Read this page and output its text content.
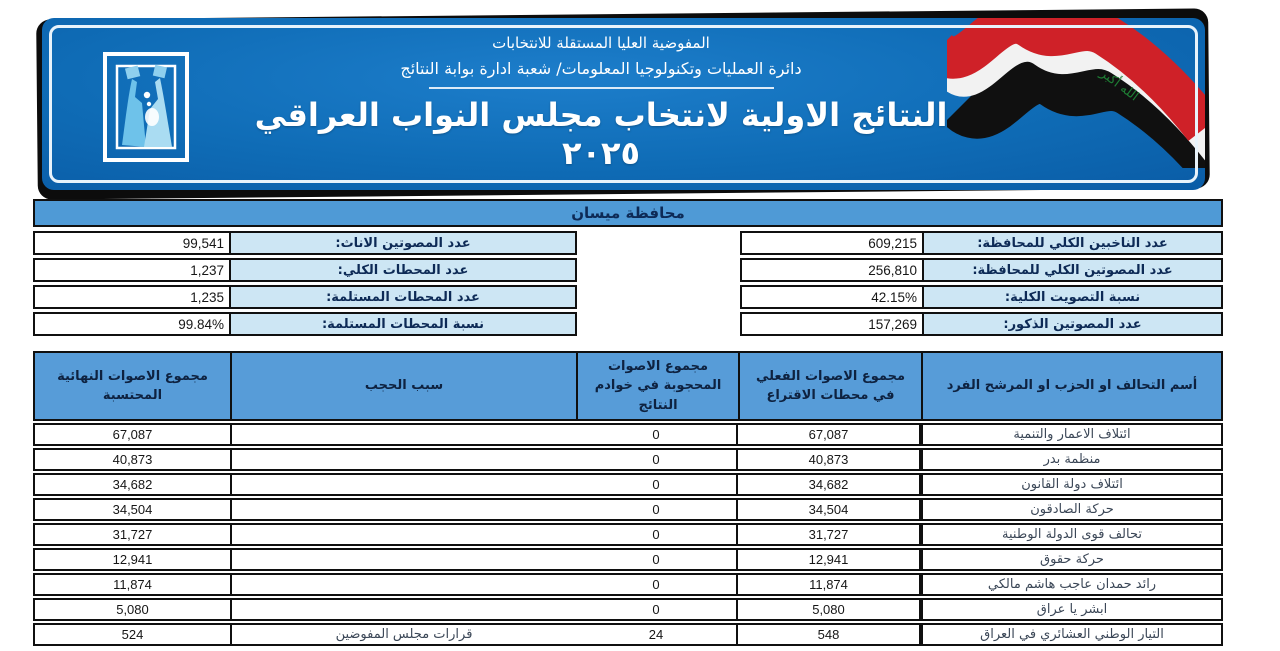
الله أكبر
المفوضية العليا المستقلة للانتخابات
دائرة العمليات وتكنولوجيا المعلومات/ شعبة ادارة بوابة النتائج
النتائج الاولية لانتخاب مجلس النواب العراقي ٢٠٢٥
محافظة ميسان
عدد الناخبين الكلي للمحافظة:
609,215
عدد المصوتين الكلي للمحافظة:
256,810
نسبة التصويت الكلية:
42.15%
عدد المصوتين الذكور:
157,269
عدد المصوتين الاناث:
99,541
عدد المحطات الكلي:
1,237
عدد المحطات المستلمة:
1,235
نسبة المحطات المستلمة:
99.84%
أسم التحالف او الحزب او المرشح الفرد
مجموع الاصوات الفعلي في محطات الاقتراع
مجموع الاصوات المحجوبة في خوادم النتائج
سبب الحجب
مجموع الاصوات النهائية المحتسبة
ائتلاف الاعمار والتنمية
67,087
0
67,087
منظمة بدر
40,873
0
40,873
ائتلاف دولة القانون
34,682
0
34,682
حركة الصادقون
34,504
0
34,504
تحالف قوى الدولة الوطنية
31,727
0
31,727
حركة حقوق
12,941
0
12,941
رائد حمدان عاجب هاشم مالكي
11,874
0
11,874
ابشر يا عراق
5,080
0
5,080
التيار الوطني العشائري في العراق
548
24
قرارات مجلس المفوضين
524
